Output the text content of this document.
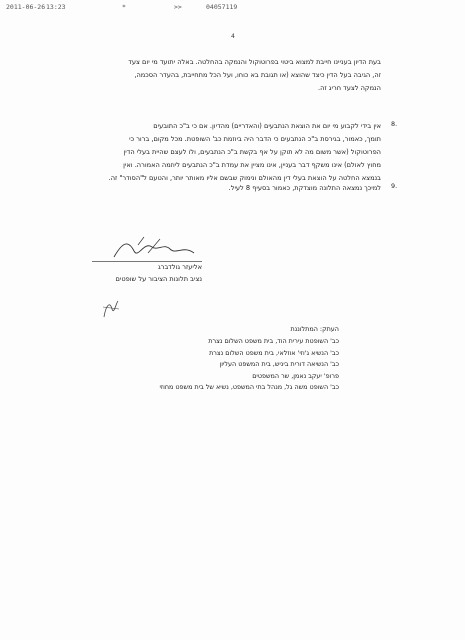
2011-06-26 13:23	*	>>	04057119
4
בעת הדיון בעניינו חייבת למצוא ביטוי בפרוטוקול והנמקה בהחלטה. באלה יתועד מי יום צעד
זה, הגיבה בעל הדין כיצד שהוצא (או תגובת בא כוחו, ועל הכל מתחייבת, בהעדר הסכמה,
הנמקה לצעד חריג זה.
8.
אין בידי לקבוע מי יום את הוצאת הנתבעים (והאדריים) מהדיון. אם כי ב"כ התובעים
תומך, כאמור, בגירסת ב"כ הנתבעים כי הדבר היה ביוזמת כב' השופטת. מכל מקום, ברור כי
הפרוטוקול (אשר משום מה לא תוקן על אף בקשת ב"כ הנתבעים, ולו לעצם שהיית בעלי הדין
מחוץ לאולם) אינו משקף דבר בעניין, אינו מציין את עמדת ב"כ הנתבעים ליוזמה האמורה. ואין
בנמצא החלטה על הוצאת בעלי דין מהאולם ונימוק שבשם אליו מאותר יותר, והטעם ל"הסודר" זה.
9.
למיכך נמצאה התלונה מוצדקת, כאמור בסעיף 8 לעיל.
אליעזר גולדברג
נציב תלונות הציבור על שופטים
העתק: המתלוננת
כב' השופטת עירית הוד, בית משפט השלום נצרת
כב' הנשיא ג'וזי' אוזלאי, בית משפט השלום נצרת
כב' הנשיאה דורית ביניש, בית המשפט העליון
פרופ' יעקב נאמן, שר המשפטים
כב' השופט משה גל, מנהל בתי המשפט, נשיא של בית משפט מחוזי
